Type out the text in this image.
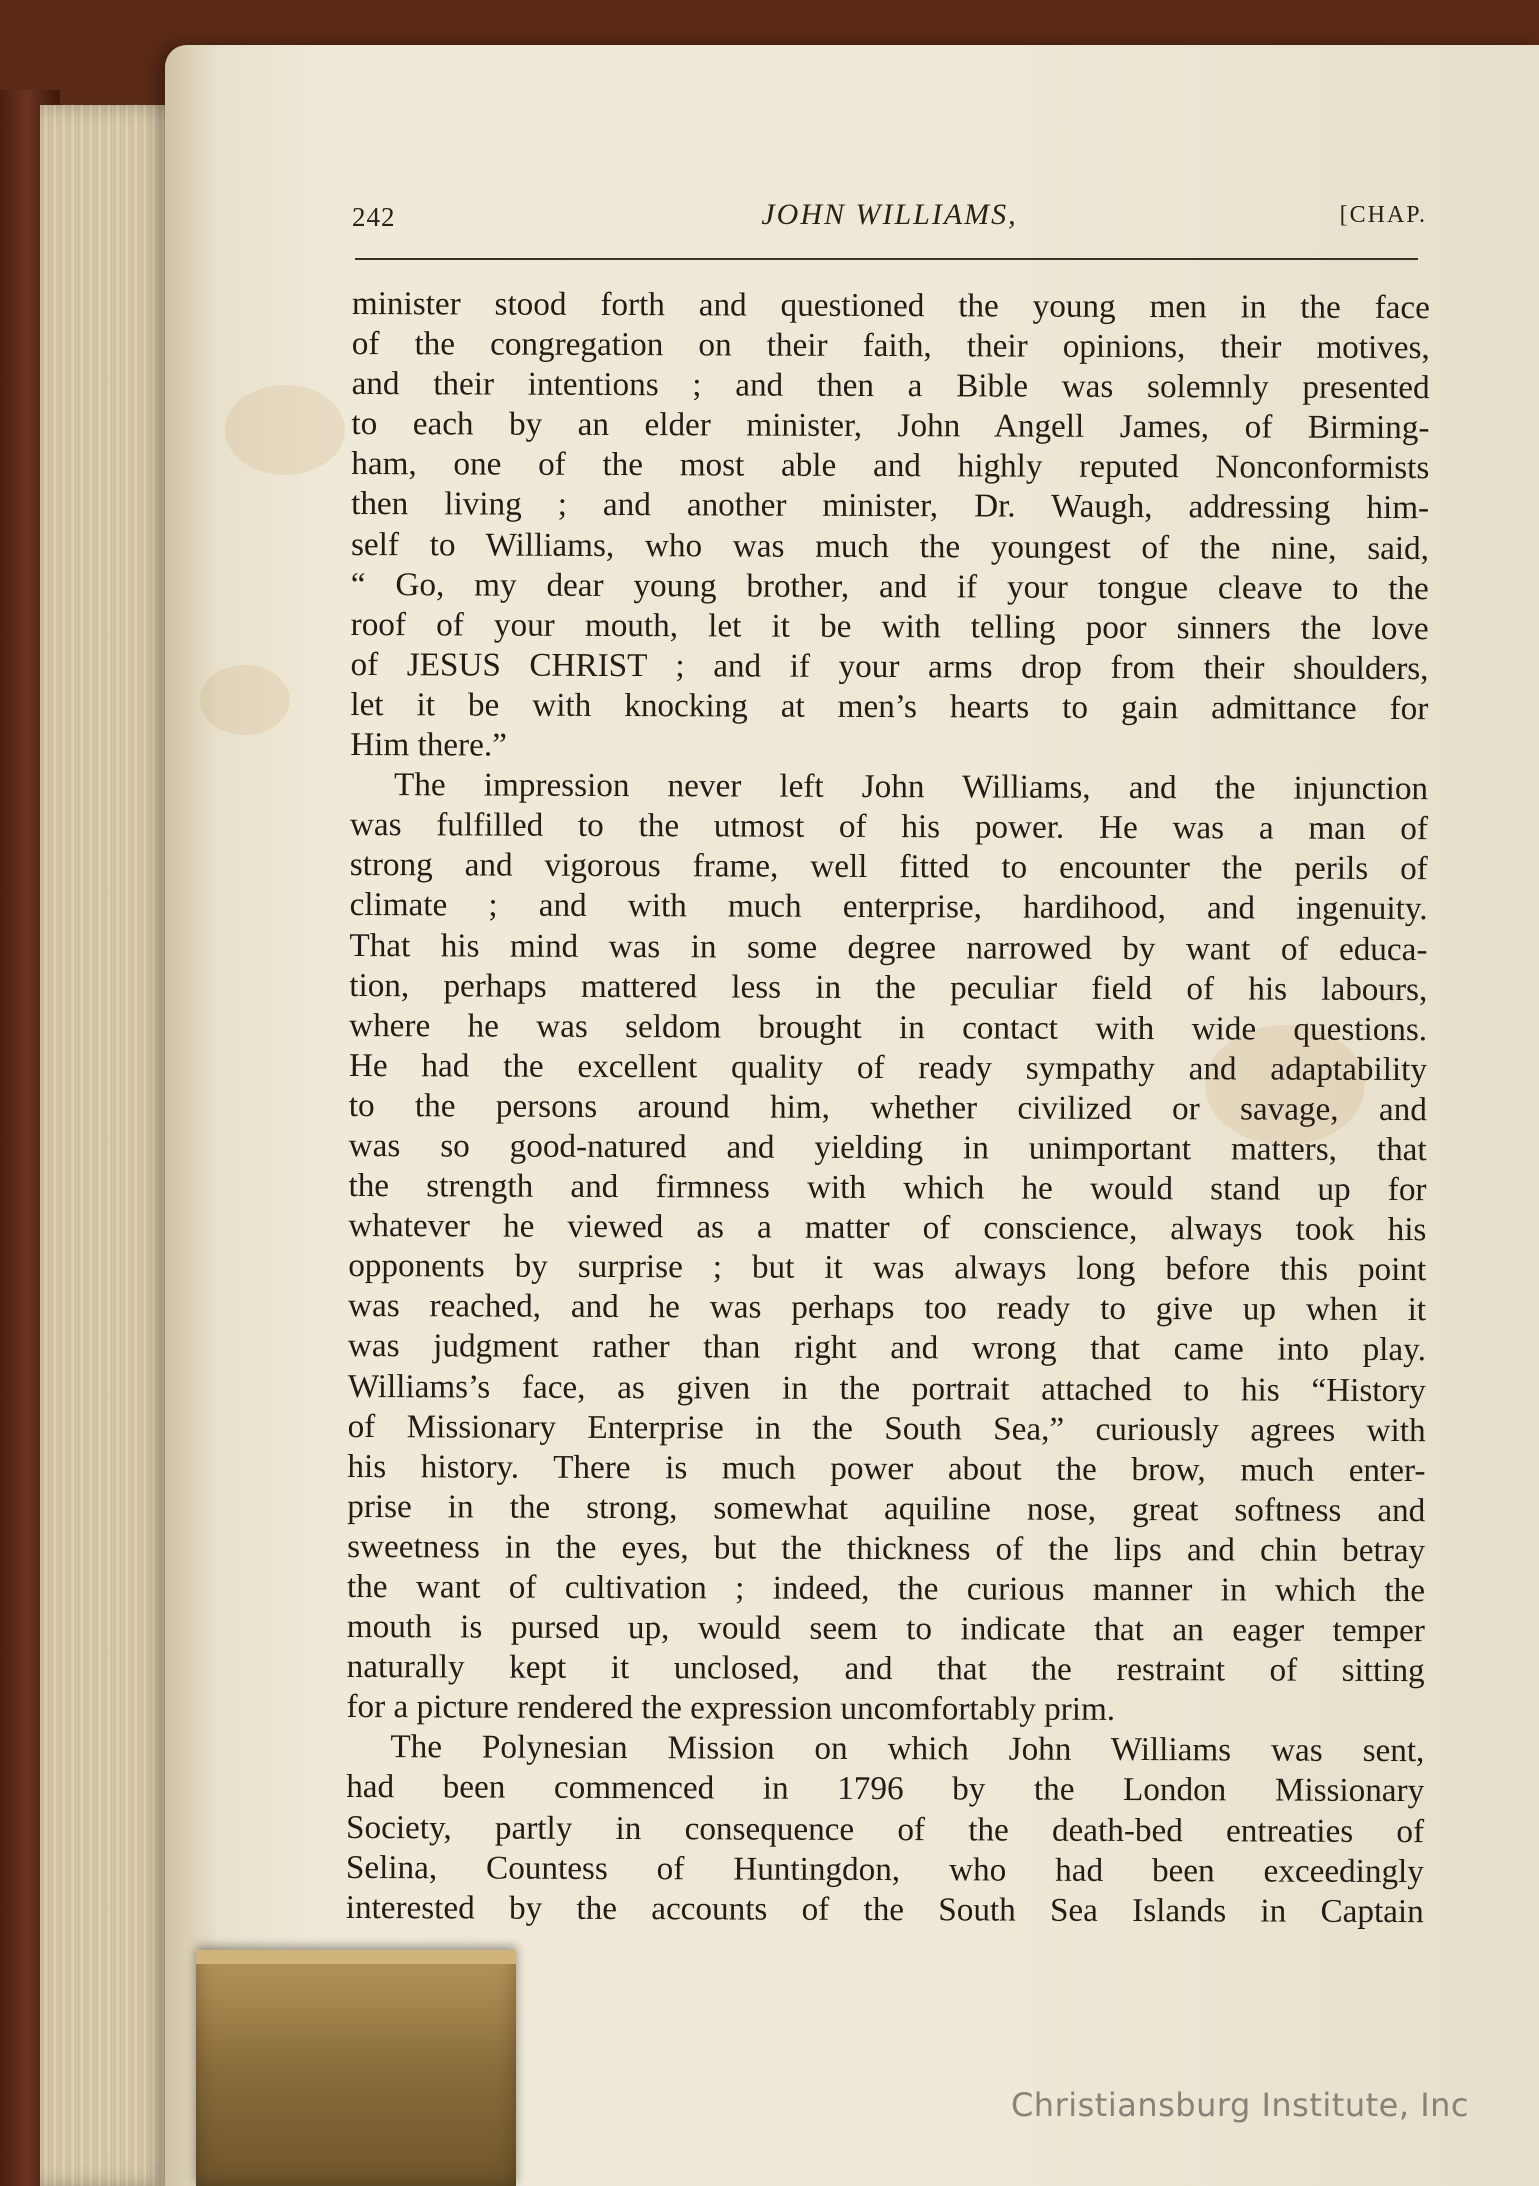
242	JOHN WILLIAMS,	[CHAP.
minister stood forth and questioned the young men in the face
of the congregation on their faith, their opinions, their motives,
and their intentions ; and then a Bible was solemnly presented
to each by an elder minister, John Angell James, of Birming-
ham, one of the most able and highly reputed Nonconformists
then living ; and another minister, Dr. Waugh, addressing him-
self to Williams, who was much the youngest of the nine, said,
“ Go, my dear young brother, and if your tongue cleave to the
roof of your mouth, let it be with telling poor sinners the love
of JESUS CHRIST ; and if your arms drop from their shoulders,
let it be with knocking at men’s hearts to gain admittance for
Him there.”
The impression never left John Williams, and the injunction
was fulfilled to the utmost of his power. He was a man of
strong and vigorous frame, well fitted to encounter the perils of
climate ; and with much enterprise, hardihood, and ingenuity.
That his mind was in some degree narrowed by want of educa-
tion, perhaps mattered less in the peculiar field of his labours,
where he was seldom brought in contact with wide questions.
He had the excellent quality of ready sympathy and adaptability
to the persons around him, whether civilized or savage, and
was so good-natured and yielding in unimportant matters, that
the strength and firmness with which he would stand up for
whatever he viewed as a matter of conscience, always took his
opponents by surprise ; but it was always long before this point
was reached, and he was perhaps too ready to give up when it
was judgment rather than right and wrong that came into play.
Williams’s face, as given in the portrait attached to his “History
of Missionary Enterprise in the South Sea,” curiously agrees with
his history. There is much power about the brow, much enter-
prise in the strong, somewhat aquiline nose, great softness and
sweetness in the eyes, but the thickness of the lips and chin betray
the want of cultivation ; indeed, the curious manner in which the
mouth is pursed up, would seem to indicate that an eager temper
naturally kept it unclosed, and that the restraint of sitting
for a picture rendered the expression uncomfortably prim.
The Polynesian Mission on which John Williams was sent,
had been commenced in 1796 by the London Missionary
Society, partly in consequence of the death-bed entreaties of
Selina, Countess of Huntingdon, who had been exceedingly
interested by the accounts of the South Sea Islands in Captain
Christiansburg Institute, Inc
